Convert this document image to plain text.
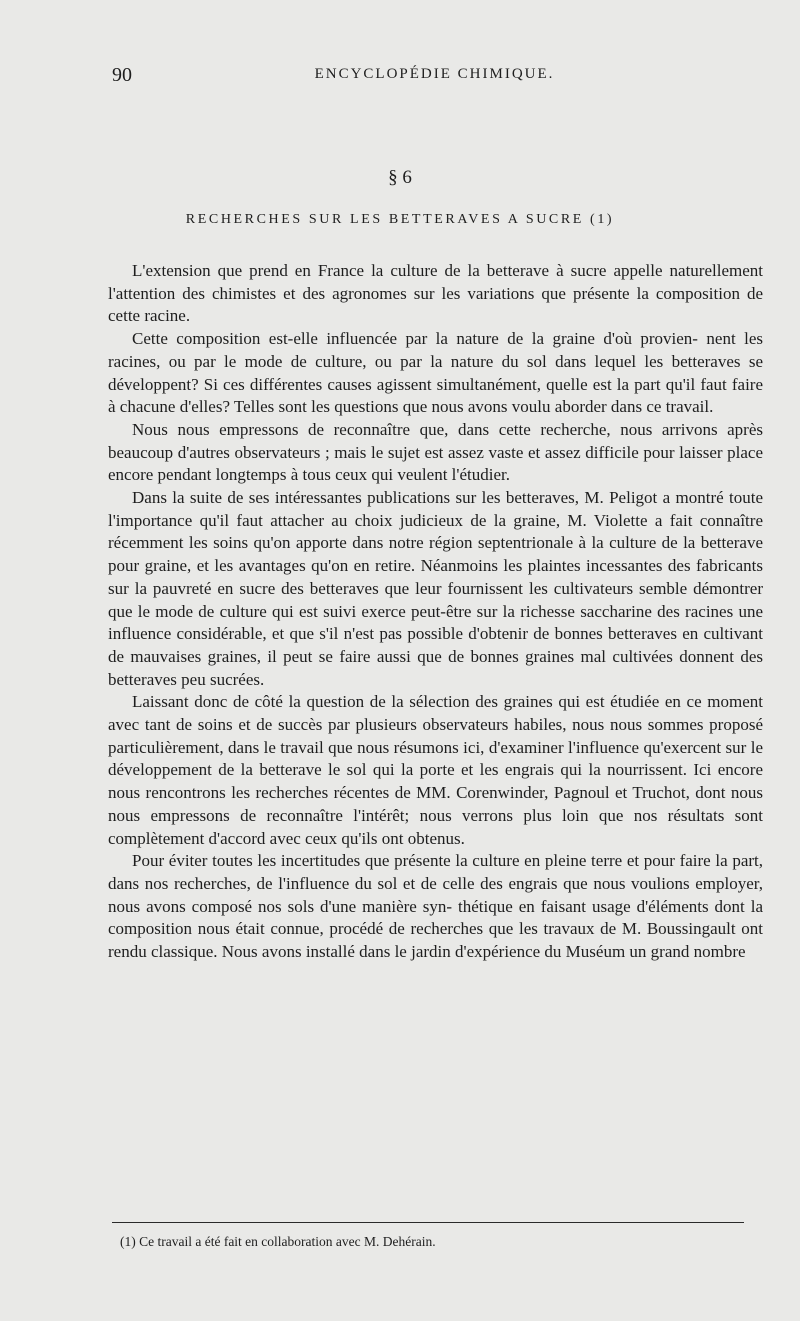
90	ENCYCLOPÉDIE CHIMIQUE.
§ 6
RECHERCHES SUR LES BETTERAVES A SUCRE (1)

L'extension que prend en France la culture de la betterave à sucre appelle naturellement l'attention des chimistes et des agronomes sur les variations que présente la composition de cette racine.

Cette composition est-elle influencée par la nature de la graine d'où provien- nent les racines, ou par le mode de culture, ou par la nature du sol dans lequel les betteraves se développent? Si ces différentes causes agissent simultanément, quelle est la part qu'il faut faire à chacune d'elles? Telles sont les questions que nous avons voulu aborder dans ce travail.

Nous nous empressons de reconnaître que, dans cette recherche, nous arrivons après beaucoup d'autres observateurs ; mais le sujet est assez vaste et assez difficile pour laisser place encore pendant longtemps à tous ceux qui veulent l'étudier.

Dans la suite de ses intéressantes publications sur les betteraves, M. Peligot a montré toute l'importance qu'il faut attacher au choix judicieux de la graine, M. Violette a fait connaître récemment les soins qu'on apporte dans notre région septentrionale à la culture de la betterave pour graine, et les avantages qu'on en retire. Néanmoins les plaintes incessantes des fabricants sur la pauvreté en sucre des betteraves que leur fournissent les cultivateurs semble démontrer que le mode de culture qui est suivi exerce peut-être sur la richesse saccharine des racines une influence considérable, et que s'il n'est pas possible d'obtenir de bonnes betteraves en cultivant de mauvaises graines, il peut se faire aussi que de bonnes graines mal cultivées donnent des betteraves peu sucrées.

Laissant donc de côté la question de la sélection des graines qui est étudiée en ce moment avec tant de soins et de succès par plusieurs observateurs habiles, nous nous sommes proposé particulièrement, dans le travail que nous résumons ici, d'examiner l'influence qu'exercent sur le développement de la betterave le sol qui la porte et les engrais qui la nourrissent. Ici encore nous rencontrons les recherches récentes de MM. Corenwinder, Pagnoul et Truchot, dont nous nous empressons de reconnaître l'intérêt; nous verrons plus loin que nos résultats sont complètement d'accord avec ceux qu'ils ont obtenus.

Pour éviter toutes les incertitudes que présente la culture en pleine terre et pour faire la part, dans nos recherches, de l'influence du sol et de celle des engrais que nous voulions employer, nous avons composé nos sols d'une manière syn- thétique en faisant usage d'éléments dont la composition nous était connue, procédé de recherches que les travaux de M. Boussingault ont rendu classique. Nous avons installé dans le jardin d'expérience du Muséum un grand nombre

(1) Ce travail a été fait en collaboration avec M. Dehérain.
